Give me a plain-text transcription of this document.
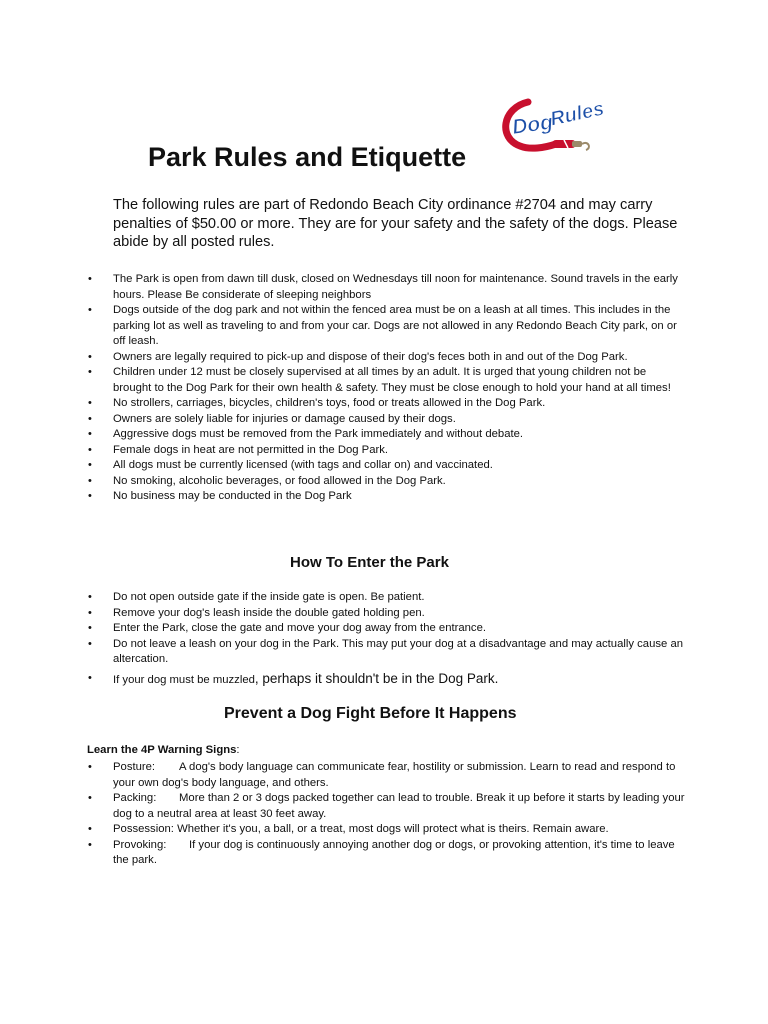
Dog
Rules
Park Rules and Etiquette

The following rules are part of Redondo Beach City ordinance #2704 and may carry penalties of $50.00 or more. They are for your safety and the safety of the dogs. Please abide by all posted rules.

• The Park is open from dawn till dusk, closed on Wednesdays till noon for maintenance. Sound travels in the early hours. Please Be considerate of sleeping neighbors
• Dogs outside of the dog park and not within the fenced area must be on a leash at all times. This includes in the parking lot as well as traveling to and from your car. Dogs are not allowed in any Redondo Beach City park, on or off leash.
• Owners are legally required to pick-up and dispose of their dog's feces both in and out of the Dog Park.
• Children under 12 must be closely supervised at all times by an adult. It is urged that young children not be brought to the Dog Park for their own health & safety. They must be close enough to hold your hand at all times!
• No strollers, carriages, bicycles, children's toys, food or treats allowed in the Dog Park.
• Owners are solely liable for injuries or damage caused by their dogs.
• Aggressive dogs must be removed from the Park immediately and without debate.
• Female dogs in heat are not permitted in the Dog Park.
• All dogs must be currently licensed (with tags and collar on) and vaccinated.
• No smoking, alcoholic beverages, or food allowed in the Dog Park.
• No business may be conducted in the Dog Park
How To Enter the Park
• Do not open outside gate if the inside gate is open. Be patient.
• Remove your dog's leash inside the double gated holding pen.
• Enter the Park, close the gate and move your dog away from the entrance.
• Do not leave a leash on your dog in the Park. This may put your dog at a disadvantage and may actually cause an altercation.
• If your dog must be muzzled, perhaps it shouldn't be in the Dog Park.
Prevent a Dog Fight Before It Happens

Learn the 4P Warning Signs:

• Posture: A dog's body language can communicate fear, hostility or submission. Learn to read and respond to your own dog's body language, and others.
• Packing: More than 2 or 3 dogs packed together can lead to trouble. Break it up before it starts by leading your dog to a neutral area at least 30 feet away.
• Possession: Whether it's you, a ball, or a treat, most dogs will protect what is theirs. Remain aware.
• Provoking: If your dog is continuously annoying another dog or dogs, or provoking attention, it's time to leave the park.
